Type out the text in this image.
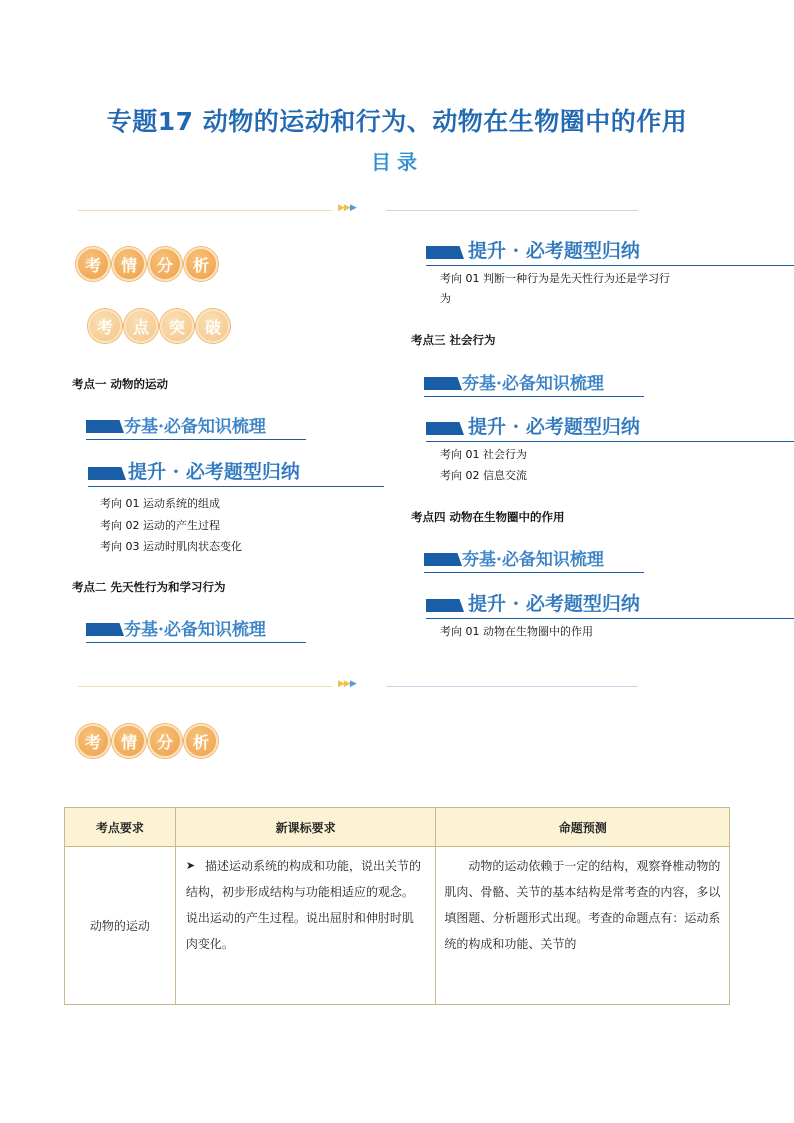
专题17 动物的运动和行为、动物在生物圈中的作用
目录
▶▶▶
考	情	分	析
考	点	突	破
考点一 动物的运动
夯基·必备知识梳理
提升 · 必考题型归纳
考向 01 运动系统的组成
考向 02 运动的产生过程
考向 03 运动时肌肉状态变化
考点二 先天性行为和学习行为
夯基·必备知识梳理
提升 · 必考题型归纳
考向 01 判断一种行为是先天性行为还是学习行
为
考点三 社会行为
夯基·必备知识梳理
提升 · 必考题型归纳
考向 01 社会行为
考向 02 信息交流
考点四 动物在生物圈中的作用
夯基·必备知识梳理
提升 · 必考题型归纳
考向 01 动物在生物圈中的作用
▶▶▶
考	情	分	析
考点要求	新课标要求	命题预测
动物的运动	➤ 描述运动系统的构成和功能，说出关节的结构，初步形成结构与功能相适应的观念。说出运动的产生过程。说出屈肘和伸肘时肌肉变化。	动物的运动依赖于一定的结构，观察脊椎动物的肌肉、骨骼、关节的基本结构是常考查的内容，多以填图题、分析题形式出现。考查的命题点有：运动系统的构成和功能、关节的
